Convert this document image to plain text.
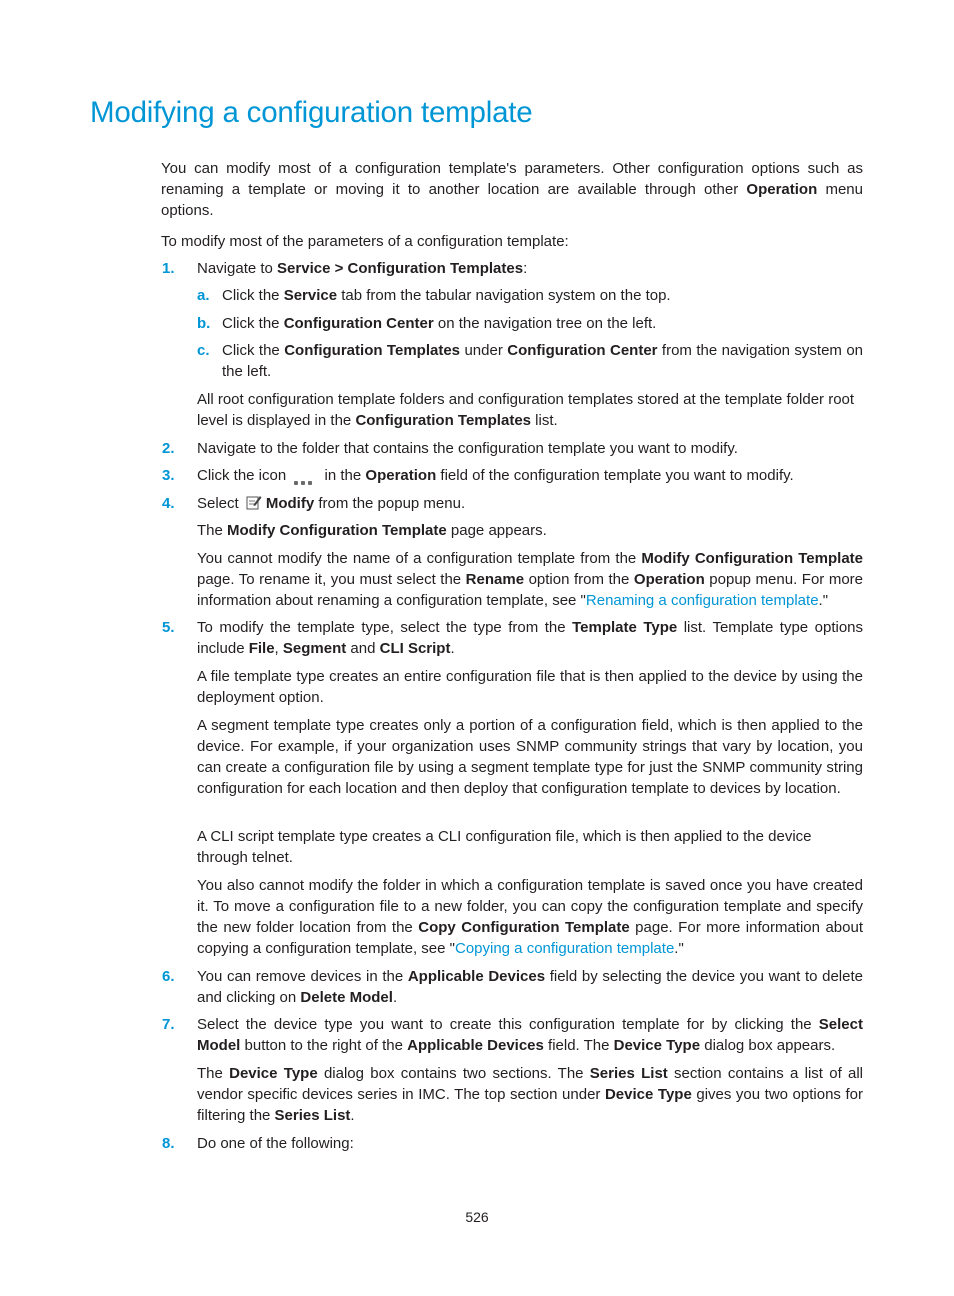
Modifying a configuration template

You can modify most of a configuration template's parameters. Other configuration options such as renaming a template or moving it to another location are available through other Operation menu options.

To modify most of the parameters of a configuration template:

1. Navigate to Service > Configuration Templates:

a. Click the Service tab from the tabular navigation system on the top.

b. Click the Configuration Center on the navigation tree on the left.

c. Click the Configuration Templates under Configuration Center from the navigation system on the left.

All root configuration template folders and configuration templates stored at the template folder root level is displayed in the Configuration Templates list.

2. Navigate to the folder that contains the configuration template you want to modify.

3. Click the icon  in the Operation field of the configuration template you want to modify.

4. Select Modify from the popup menu.

The Modify Configuration Template page appears.

You cannot modify the name of a configuration template from the Modify Configuration Template page. To rename it, you must select the Rename option from the Operation popup menu. For more information about renaming a configuration template, see "Renaming a configuration template."

5. To modify the template type, select the type from the Template Type list. Template type options include File, Segment and CLI Script.

A file template type creates an entire configuration file that is then applied to the device by using the deployment option.

A segment template type creates only a portion of a configuration field, which is then applied to the device. For example, if your organization uses SNMP community strings that vary by location, you can create a configuration file by using a segment template type for just the SNMP community string configuration for each location and then deploy that configuration template to devices by location.

A CLI script template type creates a CLI configuration file, which is then applied to the device through telnet.

You also cannot modify the folder in which a configuration template is saved once you have created it. To move a configuration file to a new folder, you can copy the configuration template and specify the new folder location from the Copy Configuration Template page. For more information about copying a configuration template, see "Copying a configuration template."

6. You can remove devices in the Applicable Devices field by selecting the device you want to delete and clicking on Delete Model.

7. Select the device type you want to create this configuration template for by clicking the Select Model button to the right of the Applicable Devices field. The Device Type dialog box appears.

The Device Type dialog box contains two sections. The Series List section contains a list of all vendor specific devices series in IMC. The top section under Device Type gives you two options for filtering the Series List.

8. Do one of the following:

526
